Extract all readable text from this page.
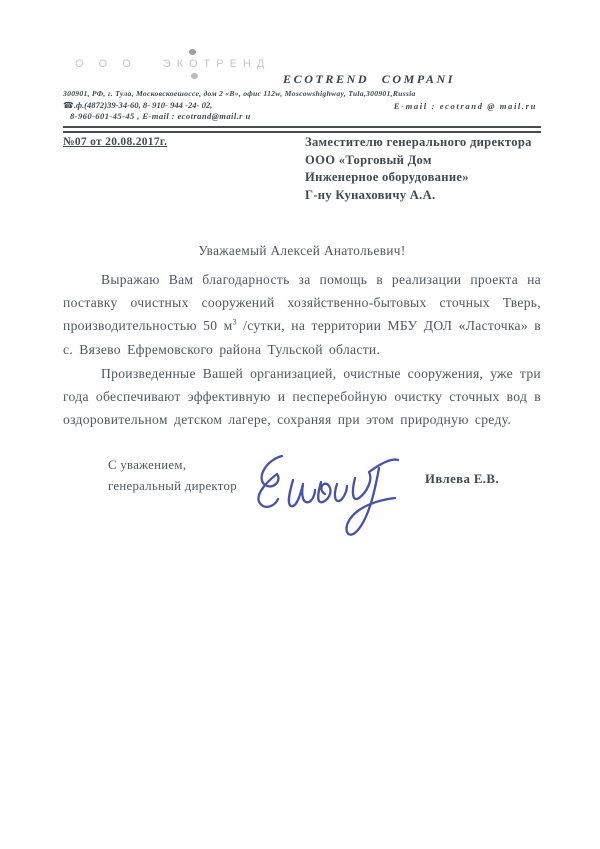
О О О ЭКОТРЕНД
ECOTREND COMPANI
300901, РФ, г. Тула, Московскоешоссе, дом 2 «В», офис 112w, Moscowshighway, Tula,300901,Russia
☎.ф.(4872)39-34-60, 8- 910- 944 -24- 02,	E-mail : ecotrand @ mail.ru
8-960-601-45-45 , E-mail : ecotrand@mail.r u
№07 от 20.08.2017г.	Заместителю генерального директора
ООО «Торговый Дом
Инженерное оборудование»
Г-ну Кунаховичу А.А.
Уважаемый Алексей Анатольевич!

Выражаю Вам благодарность за помощь в реализации проекта на поставку очистных сооружений хозяйственно-бытовых сточных Тверь, производительностью 50 $м^3$ /сутки, на территории МБУ ДОЛ «Ласточка» в с. Вязево Ефремовского района Тульской области.

Произведенные Вашей организацией, очистные сооружения, уже три года обеспечивают эффективную и песперебойную очистку сточных вод в оздоровительном детском лагере, сохраняя при этом природную среду.

С уважением,
генеральный директор	Ивлева Е.В.
